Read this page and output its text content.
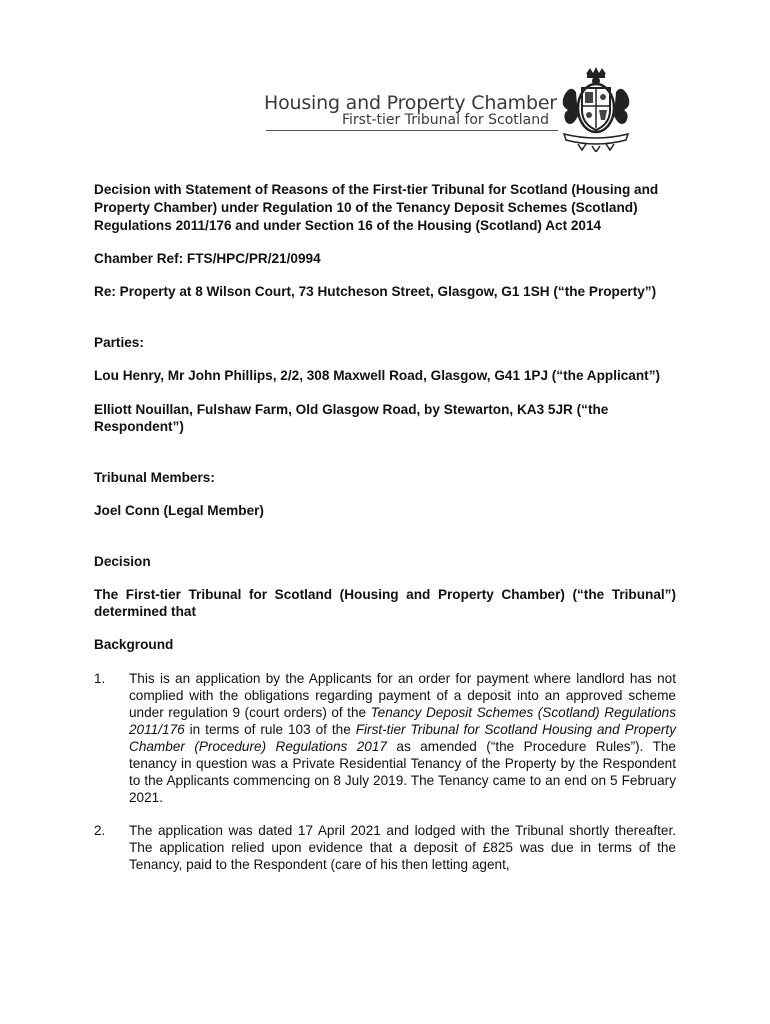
Housing and Property Chamber
First-tier Tribunal for Scotland

Decision with Statement of Reasons of the First-tier Tribunal for Scotland (Housing and Property Chamber) under Regulation 10 of the Tenancy Deposit Schemes (Scotland) Regulations 2011/176 and under Section 16 of the Housing (Scotland) Act 2014

Chamber Ref: FTS/HPC/PR/21/0994

Re: Property at 8 Wilson Court, 73 Hutcheson Street, Glasgow, G1 1SH (“the Property”)

Parties:

Lou Henry, Mr John Phillips, 2/2, 308 Maxwell Road, Glasgow, G41 1PJ (“the Applicant”)

Elliott Nouillan, Fulshaw Farm, Old Glasgow Road, by Stewarton, KA3 5JR (“the Respondent”)

Tribunal Members:

Joel Conn (Legal Member)

Decision

The First-tier Tribunal for Scotland (Housing and Property Chamber) (“the Tribunal”) determined that

Background

1.	This is an application by the Applicants for an order for payment where landlord has not complied with the obligations regarding payment of a deposit into an approved scheme under regulation 9 (court orders) of the Tenancy Deposit Schemes (Scotland) Regulations 2011/176 in terms of rule 103 of the First-tier Tribunal for Scotland Housing and Property Chamber (Procedure) Regulations 2017 as amended (“the Procedure Rules”). The tenancy in question was a Private Residential Tenancy of the Property by the Respondent to the Applicants commencing on 8 July 2019. The Tenancy came to an end on 5 February 2021.
2.	The application was dated 17 April 2021 and lodged with the Tribunal shortly thereafter. The application relied upon evidence that a deposit of £825 was due in terms of the Tenancy, paid to the Respondent (care of his then letting agent,
